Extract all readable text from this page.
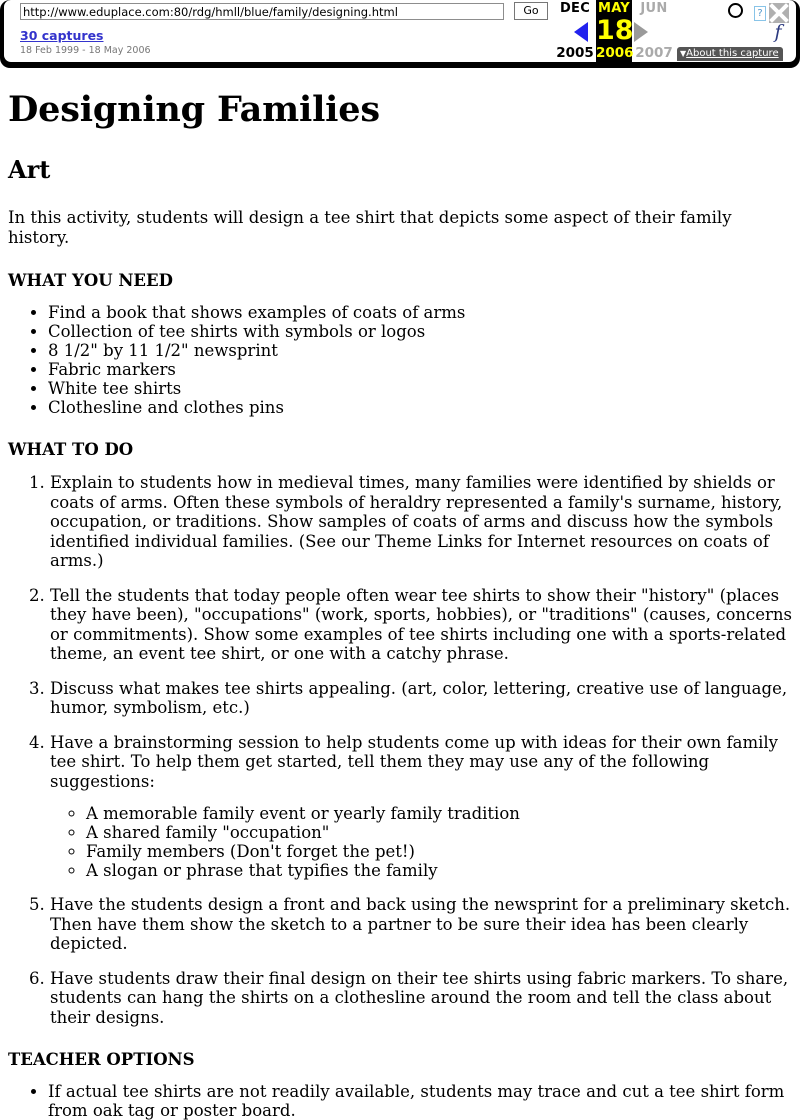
http://www.eduplace.com:80/rdg/hmll/blue/family/designing.html
Go
30 captures
18 Feb 1999 - 18 May 2006
DEC
2005
MAY
18
2006
JUN
2007
?
f
▼About this capture
Designing Families
Art

In this activity, students will design a tee shirt that depicts some aspect of their family history.

WHAT YOU NEED
• Find a book that shows examples of coats of arms
• Collection of tee shirts with symbols or logos
• 8 1/2" by 11 1/2" newsprint
• Fabric markers
• White tee shirts
• Clothesline and clothes pins
WHAT TO DO
1. Explain to students how in medieval times, many families were identified by shields or coats of arms. Often these symbols of heraldry represented a family's surname, history, occupation, or traditions. Show samples of coats of arms and discuss how the symbols identified individual families. (See our Theme Links for Internet resources on coats of arms.)
2. Tell the students that today people often wear tee shirts to show their "history" (places they have been), "occupations" (work, sports, hobbies), or "traditions" (causes, concerns or commitments). Show some examples of tee shirts including one with a sports-related theme, an event tee shirt, or one with a catchy phrase.
3. Discuss what makes tee shirts appealing. (art, color, lettering, creative use of language, humor, symbolism, etc.)
4. Have a brainstorming session to help students come up with ideas for their own family tee shirt. To help them get started, tell them they may use any of the following suggestions:
◦ A memorable family event or yearly family tradition
◦ A shared family "occupation"
◦ Family members (Don't forget the pet!)
◦ A slogan or phrase that typifies the family
5. Have the students design a front and back using the newsprint for a preliminary sketch. Then have them show the sketch to a partner to be sure their idea has been clearly depicted.
6. Have students draw their final design on their tee shirts using fabric markers. To share, students can hang the shirts on a clothesline around the room and tell the class about their designs.
TEACHER OPTIONS
• If actual tee shirts are not readily available, students may trace and cut a tee shirt form from oak tag or poster board.
